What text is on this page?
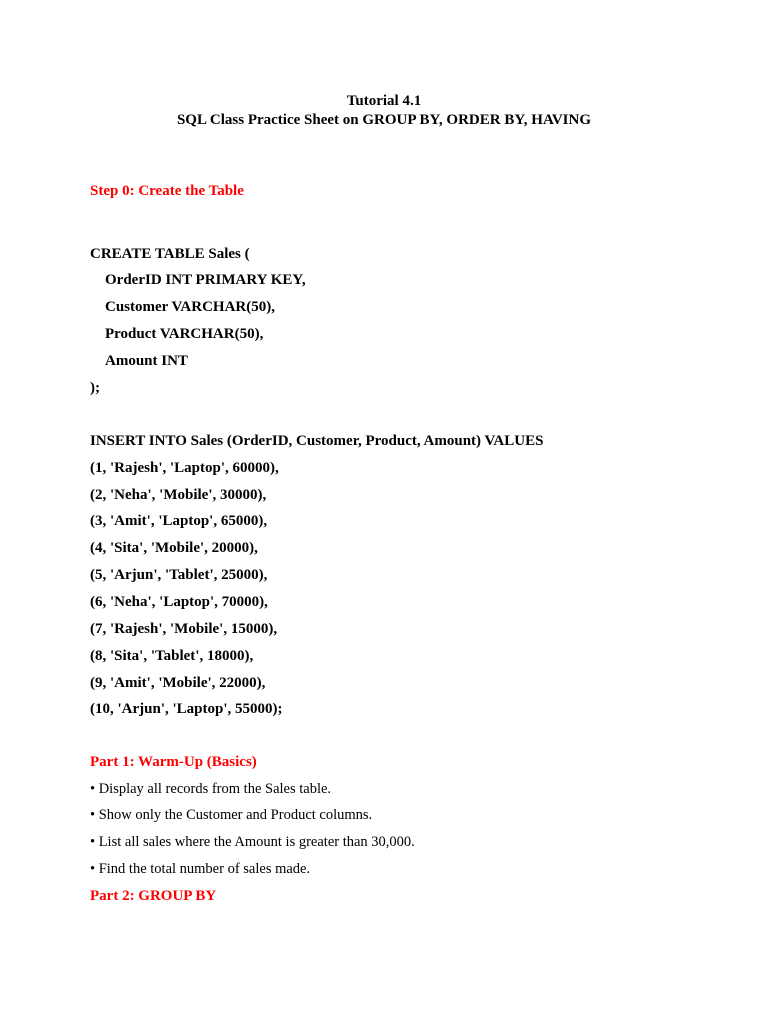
Tutorial 4.1
SQL Class Practice Sheet on GROUP BY, ORDER BY, HAVING
Step 0: Create the Table
CREATE TABLE Sales (
OrderID INT PRIMARY KEY,
Customer VARCHAR(50),
Product VARCHAR(50),
Amount INT
);
INSERT INTO Sales (OrderID, Customer, Product, Amount) VALUES
(1, 'Rajesh', 'Laptop', 60000),
(2, 'Neha', 'Mobile', 30000),
(3, 'Amit', 'Laptop', 65000),
(4, 'Sita', 'Mobile', 20000),
(5, 'Arjun', 'Tablet', 25000),
(6, 'Neha', 'Laptop', 70000),
(7, 'Rajesh', 'Mobile', 15000),
(8, 'Sita', 'Tablet', 18000),
(9, 'Amit', 'Mobile', 22000),
(10, 'Arjun', 'Laptop', 55000);
Part 1: Warm-Up (Basics)
• Display all records from the Sales table.
• Show only the Customer and Product columns.
• List all sales where the Amount is greater than 30,000.
• Find the total number of sales made.
Part 2: GROUP BY
